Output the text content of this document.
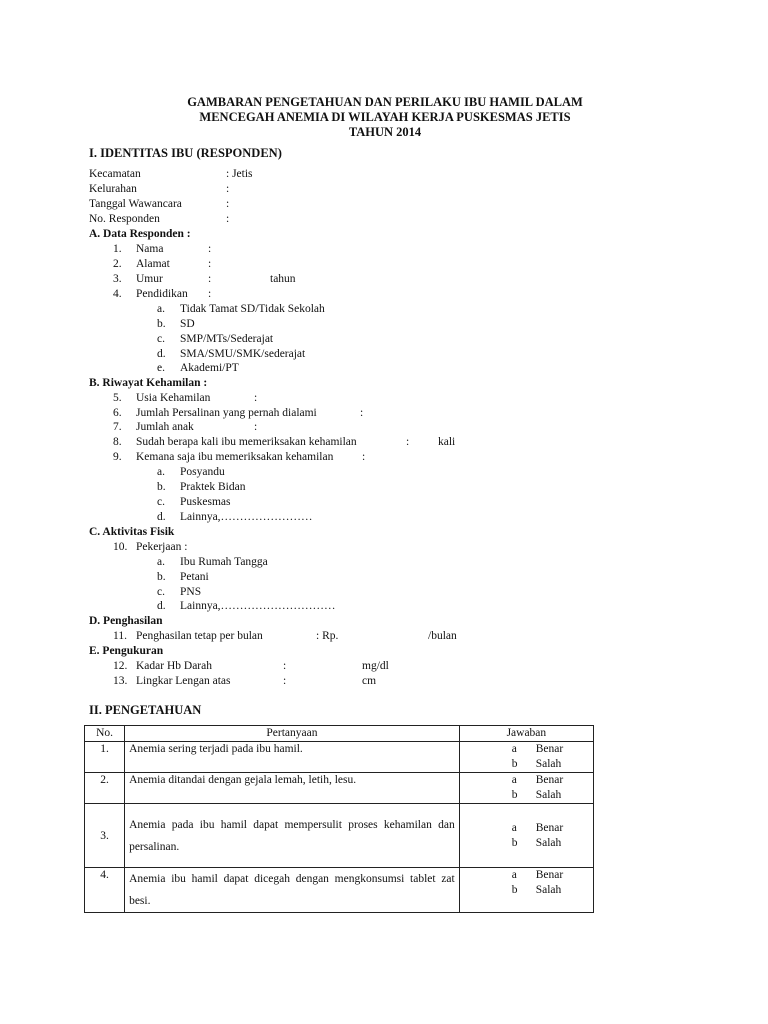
GAMBARAN PENGETAHUAN DAN PERILAKU IBU HAMIL DALAM
MENCEGAH ANEMIA DI WILAYAH KERJA PUSKESMAS JETIS
TAHUN 2014
I. IDENTITAS IBU (RESPONDEN)
Kecamatan	: Jetis
Kelurahan	:
Tanggal Wawancara	:
No. Responden	:
A. Data Responden :
1. Nama	:
2. Alamat	:
3. Umur	:	tahun
4. Pendidikan :
a. Tidak Tamat SD/Tidak Sekolah
b. SD
c. SMP/MTs/Sederajat
d. SMA/SMU/SMK/sederajat
e. Akademi/PT
B. Riwayat Kehamilan :
5. Usia Kehamilan	:
6. Jumlah Persalinan yang pernah dialami	:
7. Jumlah anak	:
8. Sudah berapa kali ibu memeriksakan kehamilan	:	kali
9. Kemana saja ibu memeriksakan kehamilan :
a. Posyandu
b. Praktek Bidan
c. Puskesmas
d. Lainnya,……………………
C. Aktivitas Fisik
10. Pekerjaan :
a. Ibu Rumah Tangga
b. Petani
c. PNS
d. Lainnya,…………………………
D. Penghasilan
11. Penghasilan tetap per bulan	: Rp.	/bulan
E. Pengukuran
12. Kadar Hb Darah	:	mg/dl
13. Lingkar Lengan atas	:	cm
II. PENGETAHUAN
No.	Pertanyaan	Jawaban
1.	Anemia sering terjadi pada ibu hamil.	a Benar
b Salah

2.	Anemia ditandai dengan gejala lemah, letih, lesu.	a Benar
b Salah

3.	Anemia pada ibu hamil dapat mempersulit proses kehamilan dan persalinan.	a Benar
b Salah

4.	Anemia ibu hamil dapat dicegah dengan mengkonsumsi tablet zat besi.	a Benar
b Salah
